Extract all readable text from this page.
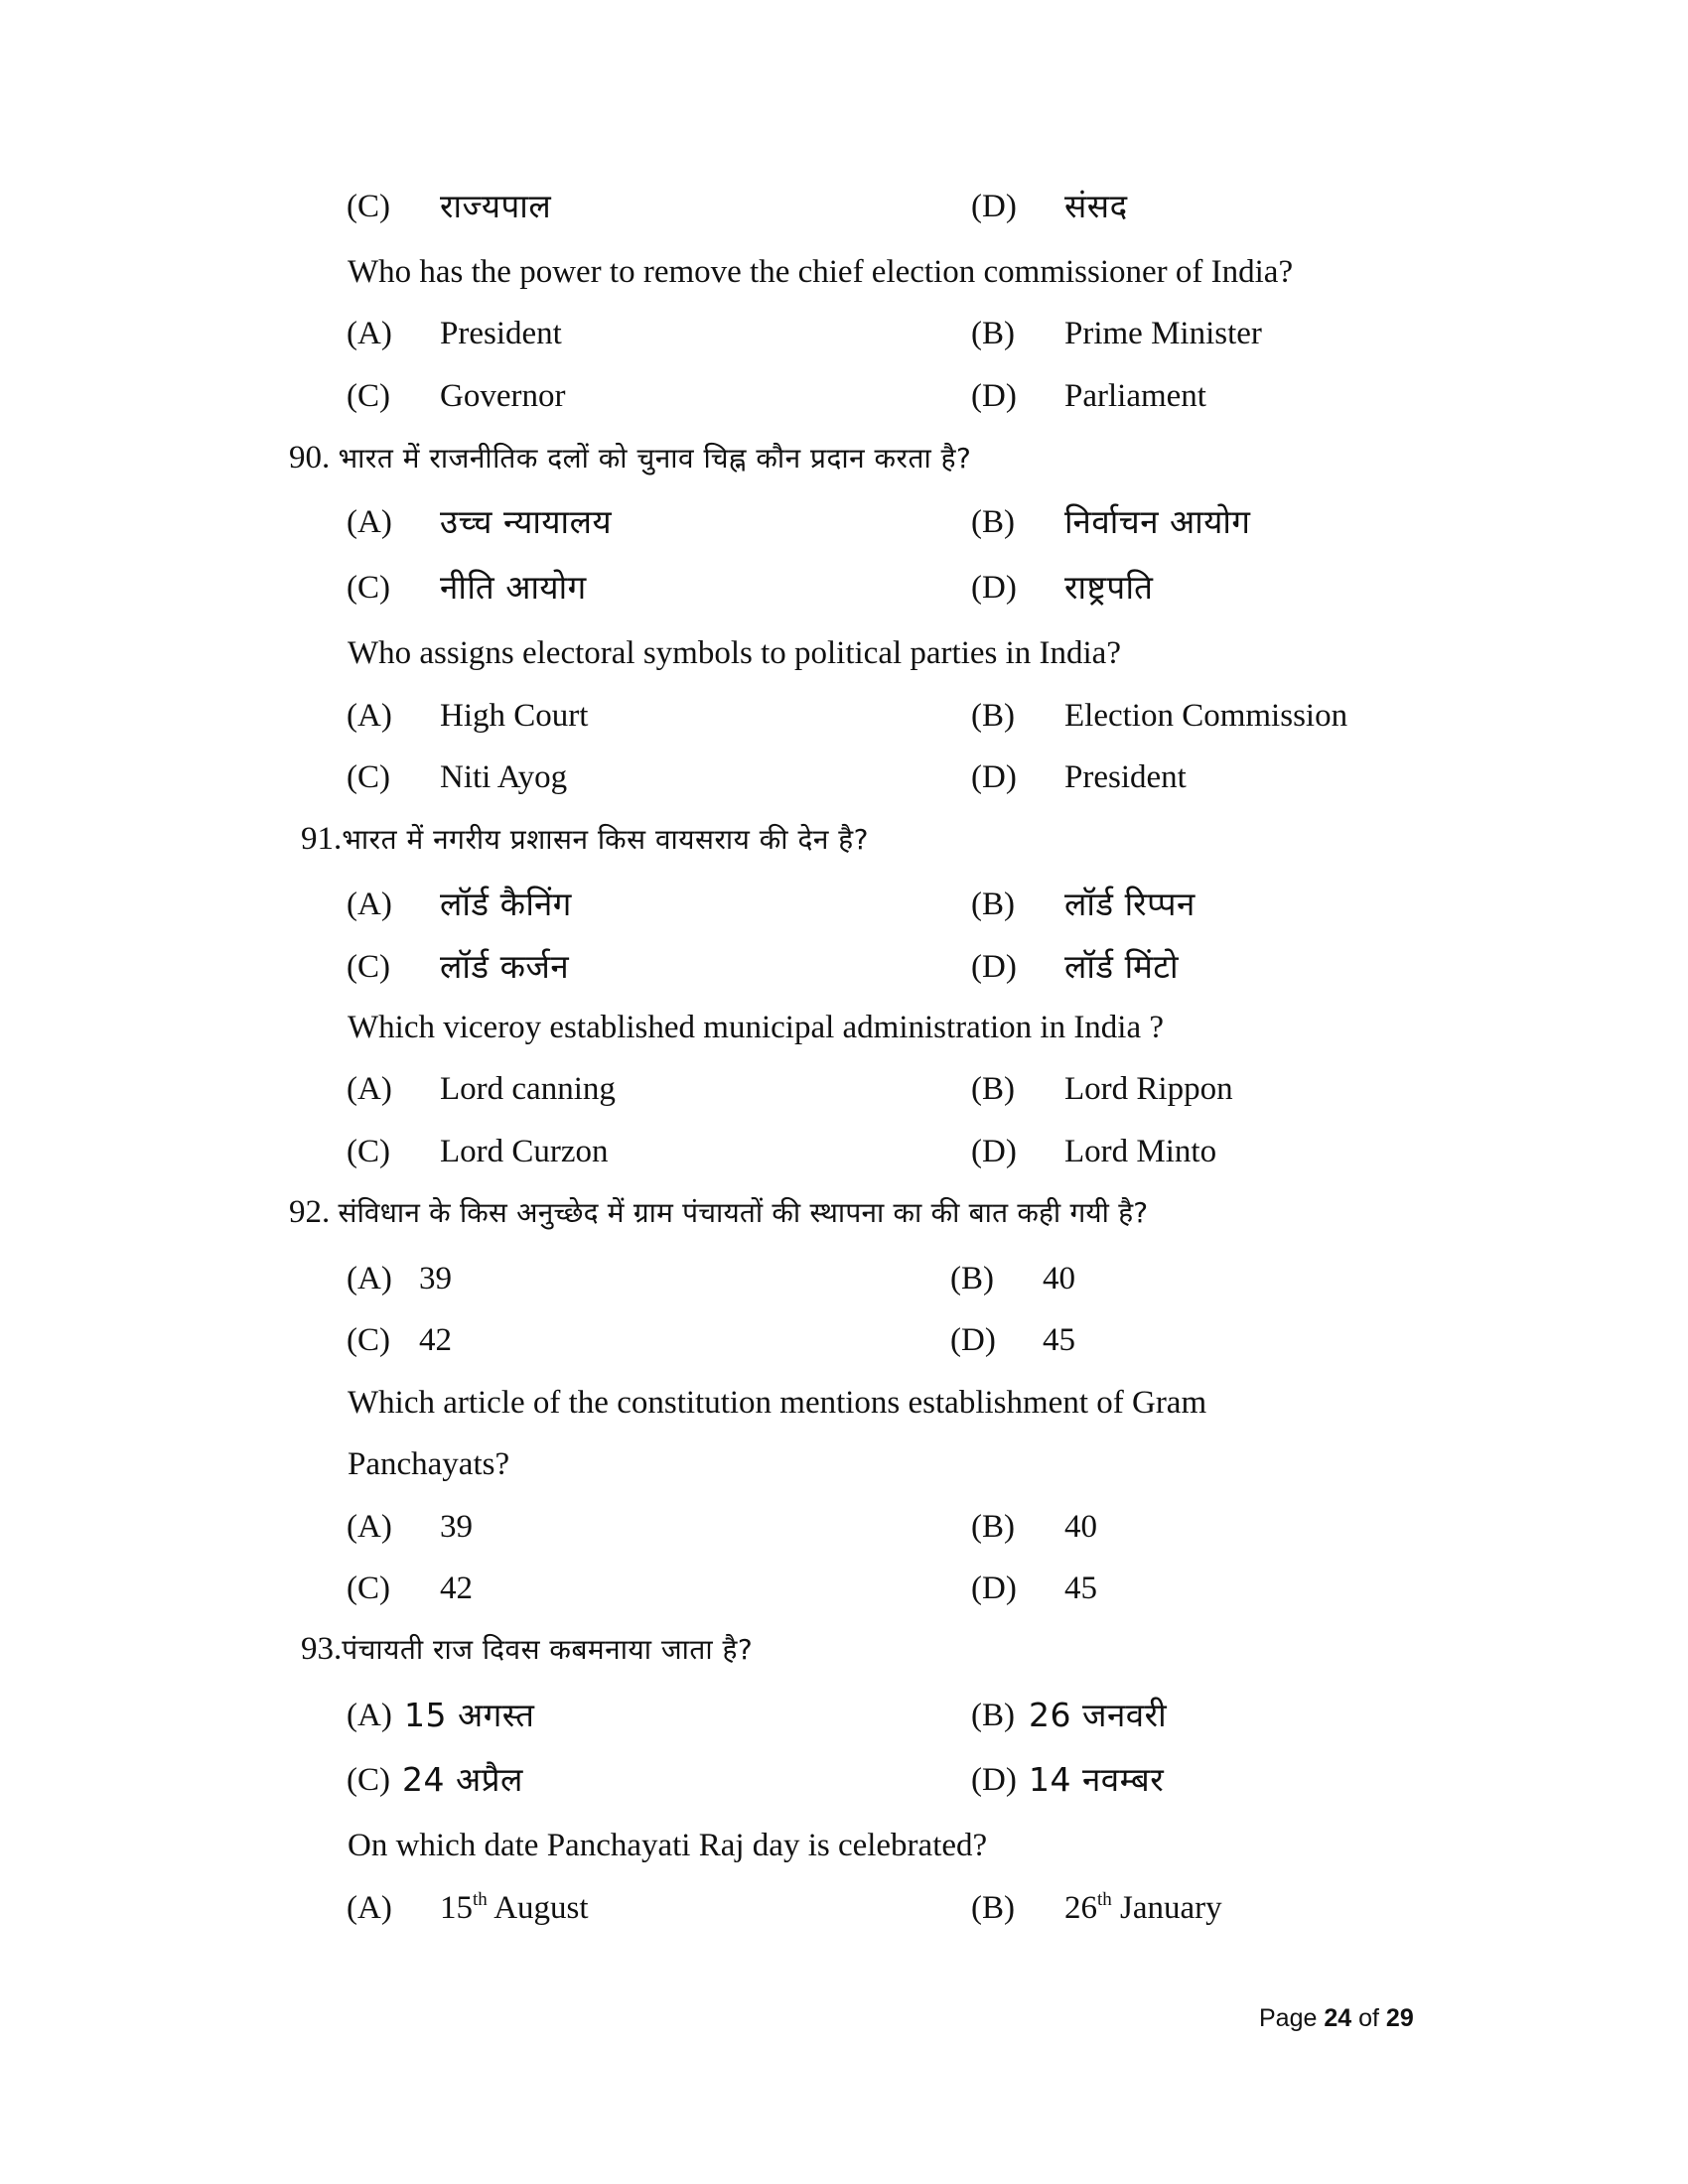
(C) राज्यपाल	(D) संसद
Who has the power to remove the chief election commissioner of India?
(A) President	(B) Prime Minister
(C) Governor	(D) Parliament
90. भारत में राजनीतिक दलों को चुनाव चिह्न कौन प्रदान करता है?
(A) उच्च न्यायालय	(B) निर्वाचन आयोग
(C) नीति आयोग	(D) राष्ट्रपति
Who assigns electoral symbols to political parties in India?
(A) High Court	(B) Election Commission
(C) Niti Ayog	(D) President
91.भारत में नगरीय प्रशासन किस वायसराय की देन है?
(A) लॉर्ड कैनिंग	(B) लॉर्ड रिप्पन
(C) लॉर्ड कर्जन	(D) लॉर्ड मिंटो
Which viceroy established municipal administration in India ?
(A) Lord canning	(B) Lord Rippon
(C) Lord Curzon	(D) Lord Minto
92. संविधान के किस अनुच्छेद में ग्राम पंचायतों की स्थापना का की बात कही गयी है?
(A) 39	(B) 40
(C) 42	(D) 45
Which article of the constitution mentions establishment of Gram
Panchayats?
(A) 39	(B) 40
(C) 42	(D) 45
93.पंचायती राज दिवस कबमनाया जाता है?
(A) 15 अगस्त	(B) 26 जनवरी
(C) 24 अप्रैल	(D) 14 नवम्बर
On which date Panchayati Raj day is celebrated?
(A) 15th August	(B) 26th January
Page 24 of 29
